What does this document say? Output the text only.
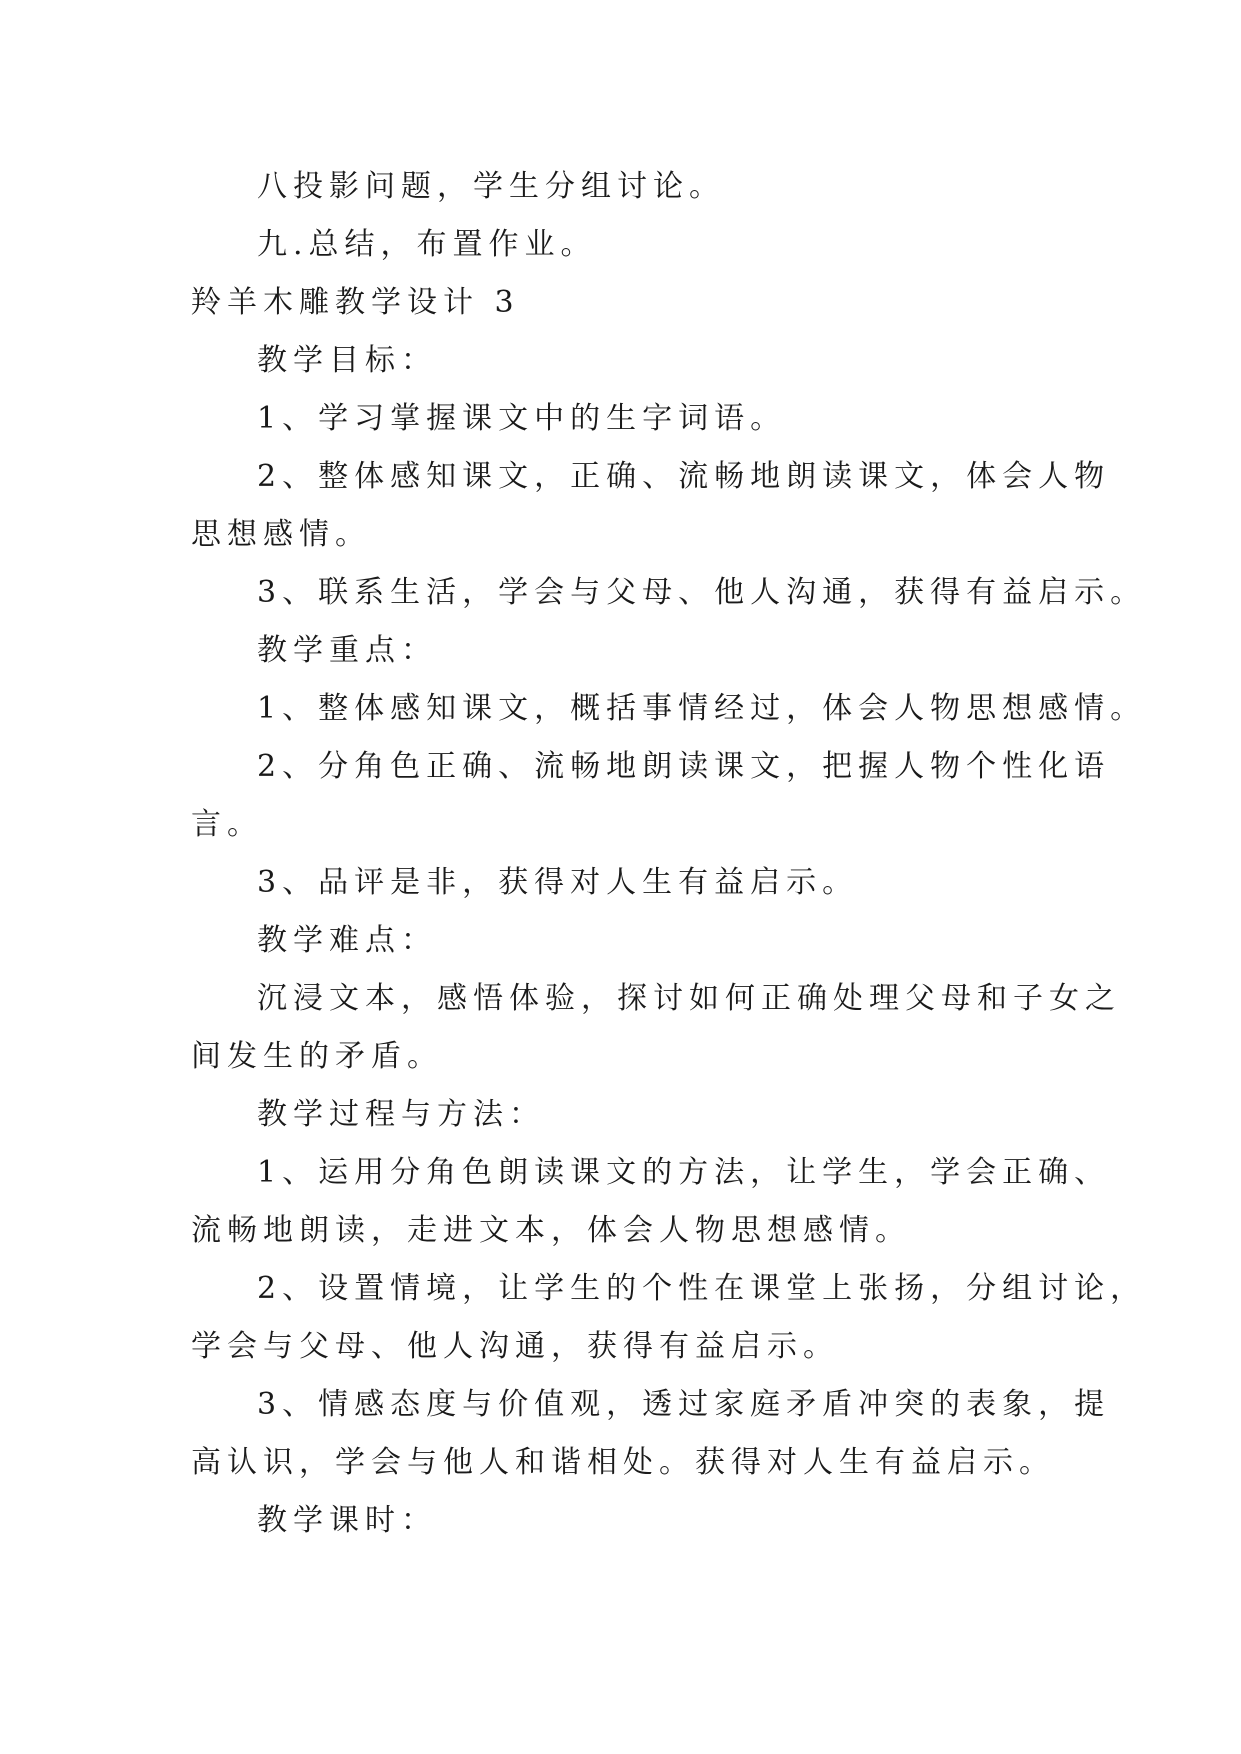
八投影问题，学生分组讨论。
九.总结，布置作业。
羚羊木雕教学设计 3
教学目标：
1、学习掌握课文中的生字词语。
2、整体感知课文，正确、流畅地朗读课文，体会人物
思想感情。
3、联系生活，学会与父母、他人沟通，获得有益启示。
教学重点：
1、整体感知课文，概括事情经过，体会人物思想感情。
2、分角色正确、流畅地朗读课文，把握人物个性化语
言。
3、品评是非，获得对人生有益启示。
教学难点：
沉浸文本，感悟体验，探讨如何正确处理父母和子女之
间发生的矛盾。
教学过程与方法：
1、运用分角色朗读课文的方法，让学生，学会正确、
流畅地朗读，走进文本，体会人物思想感情。
2、设置情境，让学生的个性在课堂上张扬，分组讨论，
学会与父母、他人沟通，获得有益启示。
3、情感态度与价值观，透过家庭矛盾冲突的表象，提
高认识，学会与他人和谐相处。获得对人生有益启示。
教学课时：
